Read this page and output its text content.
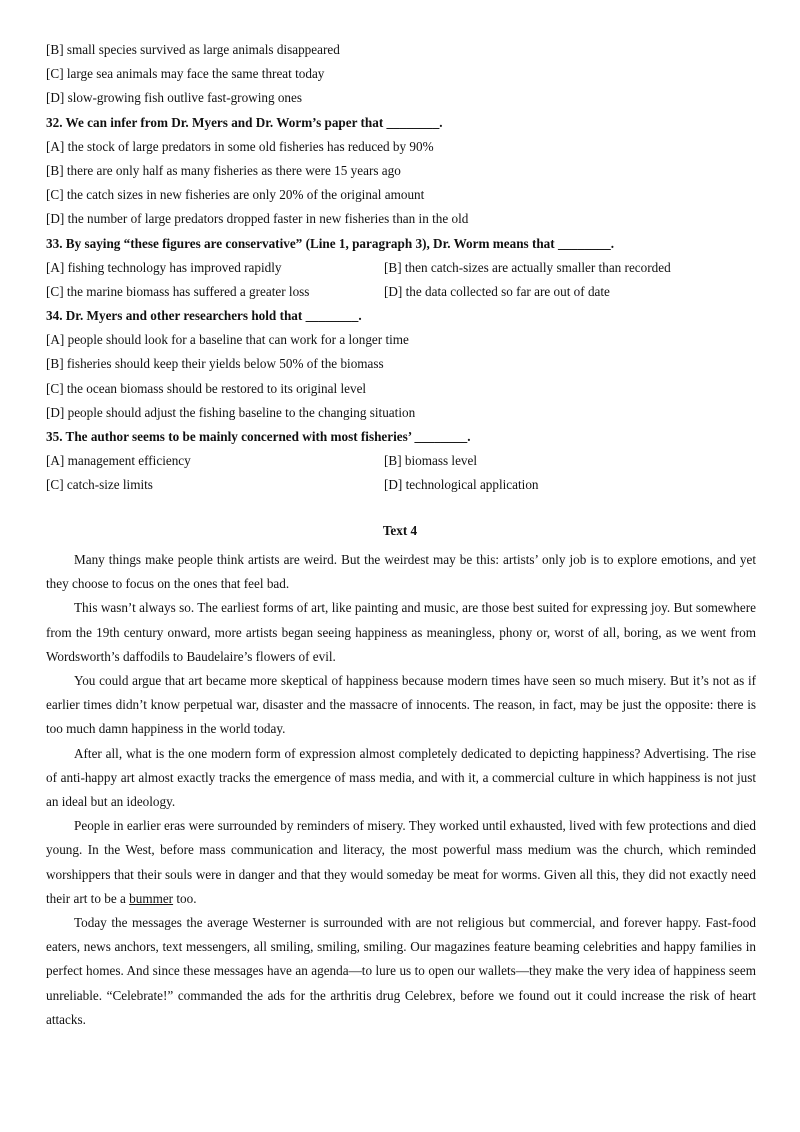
[B] small species survived as large animals disappeared
[C] large sea animals may face the same threat today
[D] slow-growing fish outlive fast-growing ones
32. We can infer from Dr. Myers and Dr. Worm’s paper that ________.
[A] the stock of large predators in some old fisheries has reduced by 90%
[B] there are only half as many fisheries as there were 15 years ago
[C] the catch sizes in new fisheries are only 20% of the original amount
[D] the number of large predators dropped faster in new fisheries than in the old
33. By saying “these figures are conservative” (Line 1, paragraph 3), Dr. Worm means that ________.
[A] fishing technology has improved rapidly	[B] then catch-sizes are actually smaller than recorded
[C] the marine biomass has suffered a greater loss	[D] the data collected so far are out of date
34. Dr. Myers and other researchers hold that ________.
[A] people should look for a baseline that can work for a longer time
[B] fisheries should keep their yields below 50% of the biomass
[C] the ocean biomass should be restored to its original level
[D] people should adjust the fishing baseline to the changing situation
35. The author seems to be mainly concerned with most fisheries’ ________.
[A] management efficiency	[B] biomass level
[C] catch-size limits	[D] technological application
Text 4

Many things make people think artists are weird. But the weirdest may be this: artists’ only job is to explore emotions, and yet they choose to focus on the ones that feel bad.

This wasn’t always so. The earliest forms of art, like painting and music, are those best suited for expressing joy. But somewhere from the 19th century onward, more artists began seeing happiness as meaningless, phony or, worst of all, boring, as we went from Wordsworth’s daffodils to Baudelaire’s flowers of evil.

You could argue that art became more skeptical of happiness because modern times have seen so much misery. But it’s not as if earlier times didn’t know perpetual war, disaster and the massacre of innocents. The reason, in fact, may be just the opposite: there is too much damn happiness in the world today.

After all, what is the one modern form of expression almost completely dedicated to depicting happiness? Advertising. The rise of anti-happy art almost exactly tracks the emergence of mass media, and with it, a commercial culture in which happiness is not just an ideal but an ideology.

People in earlier eras were surrounded by reminders of misery. They worked until exhausted, lived with few protections and died young. In the West, before mass communication and literacy, the most powerful mass medium was the church, which reminded worshippers that their souls were in danger and that they would someday be meat for worms. Given all this, they did not exactly need their art to be a bummer too.

Today the messages the average Westerner is surrounded with are not religious but commercial, and forever happy. Fast-food eaters, news anchors, text messengers, all smiling, smiling, smiling. Our magazines feature beaming celebrities and happy families in perfect homes. And since these messages have an agenda—to lure us to open our wallets—they make the very idea of happiness seem unreliable. “Celebrate!” commanded the ads for the arthritis drug Celebrex, before we found out it could increase the risk of heart attacks.
